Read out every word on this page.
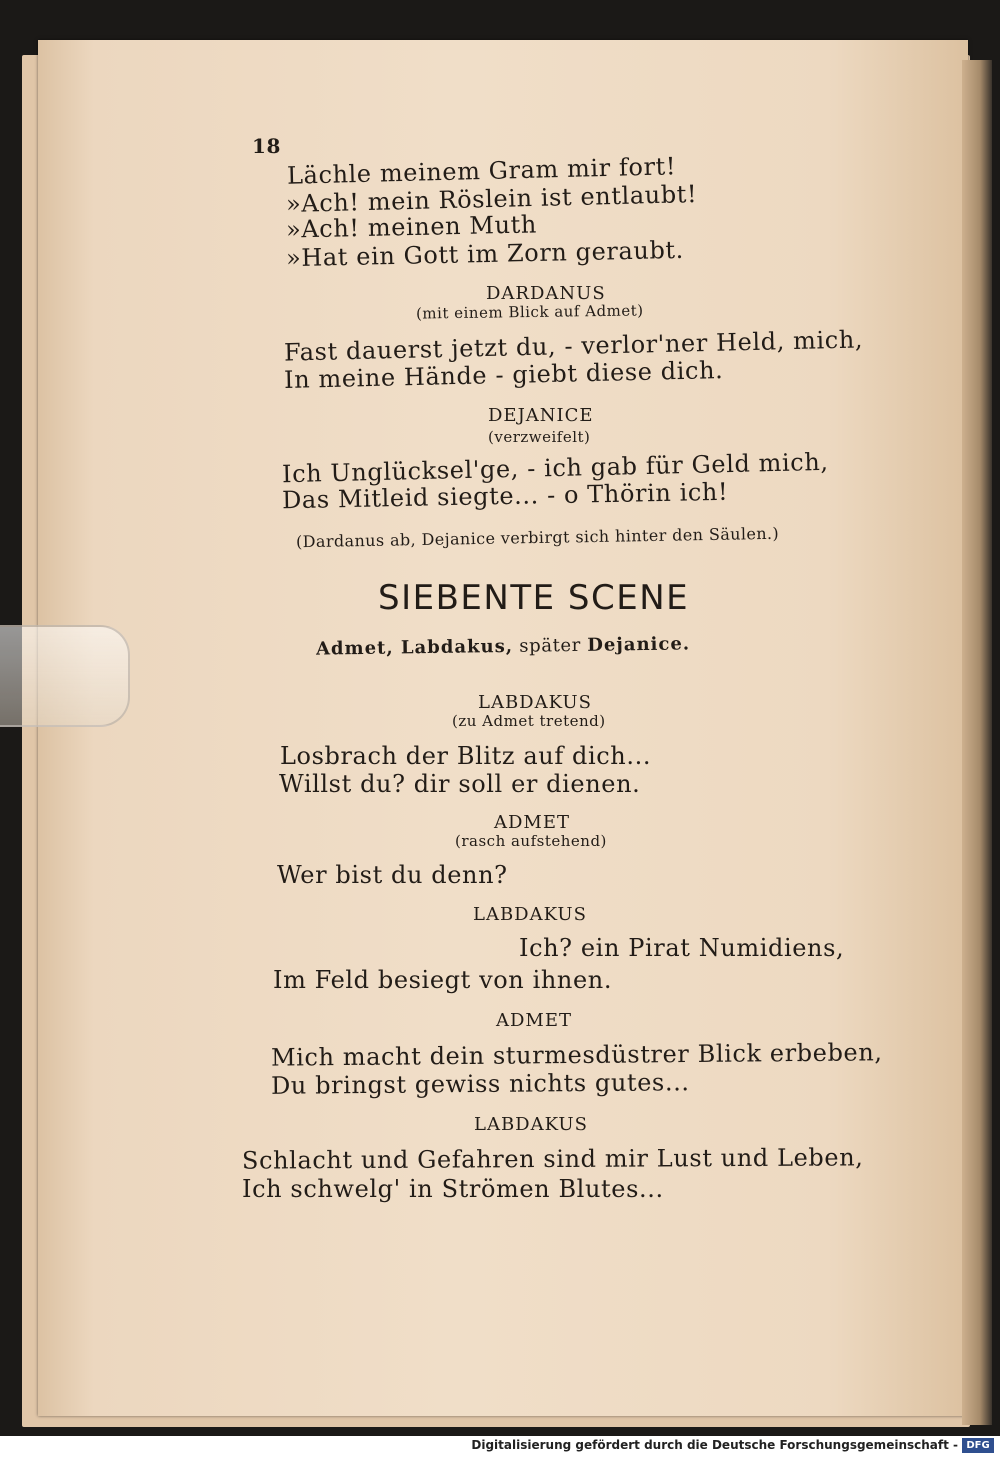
18
Lächle meinem Gram mir fort!
»Ach! mein Röslein ist entlaubt!
»Ach! meinen Muth
»Hat ein Gott im Zorn geraubt.
DARDANUS
(mit einem Blick auf Admet)
Fast dauerst jetzt du, - verlor'ner Held, mich,
In meine Hände - giebt diese dich.
DEJANICE
(verzweifelt)
Ich Unglücksel'ge, - ich gab für Geld mich,
Das Mitleid siegte... - o Thörin ich!
(Dardanus ab, Dejanice verbirgt sich hinter den Säulen.)
SIEBENTE SCENE
Admet, Labdakus, später Dejanice.
LABDAKUS
(zu Admet tretend)
Losbrach der Blitz auf dich...
Willst du? dir soll er dienen.
ADMET
(rasch aufstehend)
Wer bist du denn?
LABDAKUS
Ich? ein Pirat Numidiens,
Im Feld besiegt von ihnen.
ADMET
Mich macht dein sturmesdüstrer Blick erbeben,
Du bringst gewiss nichts gutes...
LABDAKUS
Schlacht und Gefahren sind mir Lust und Leben,
Ich schwelg' in Strömen Blutes...
Digitalisierung gefördert durch die Deutsche Forschungsgemeinschaft - DFG
